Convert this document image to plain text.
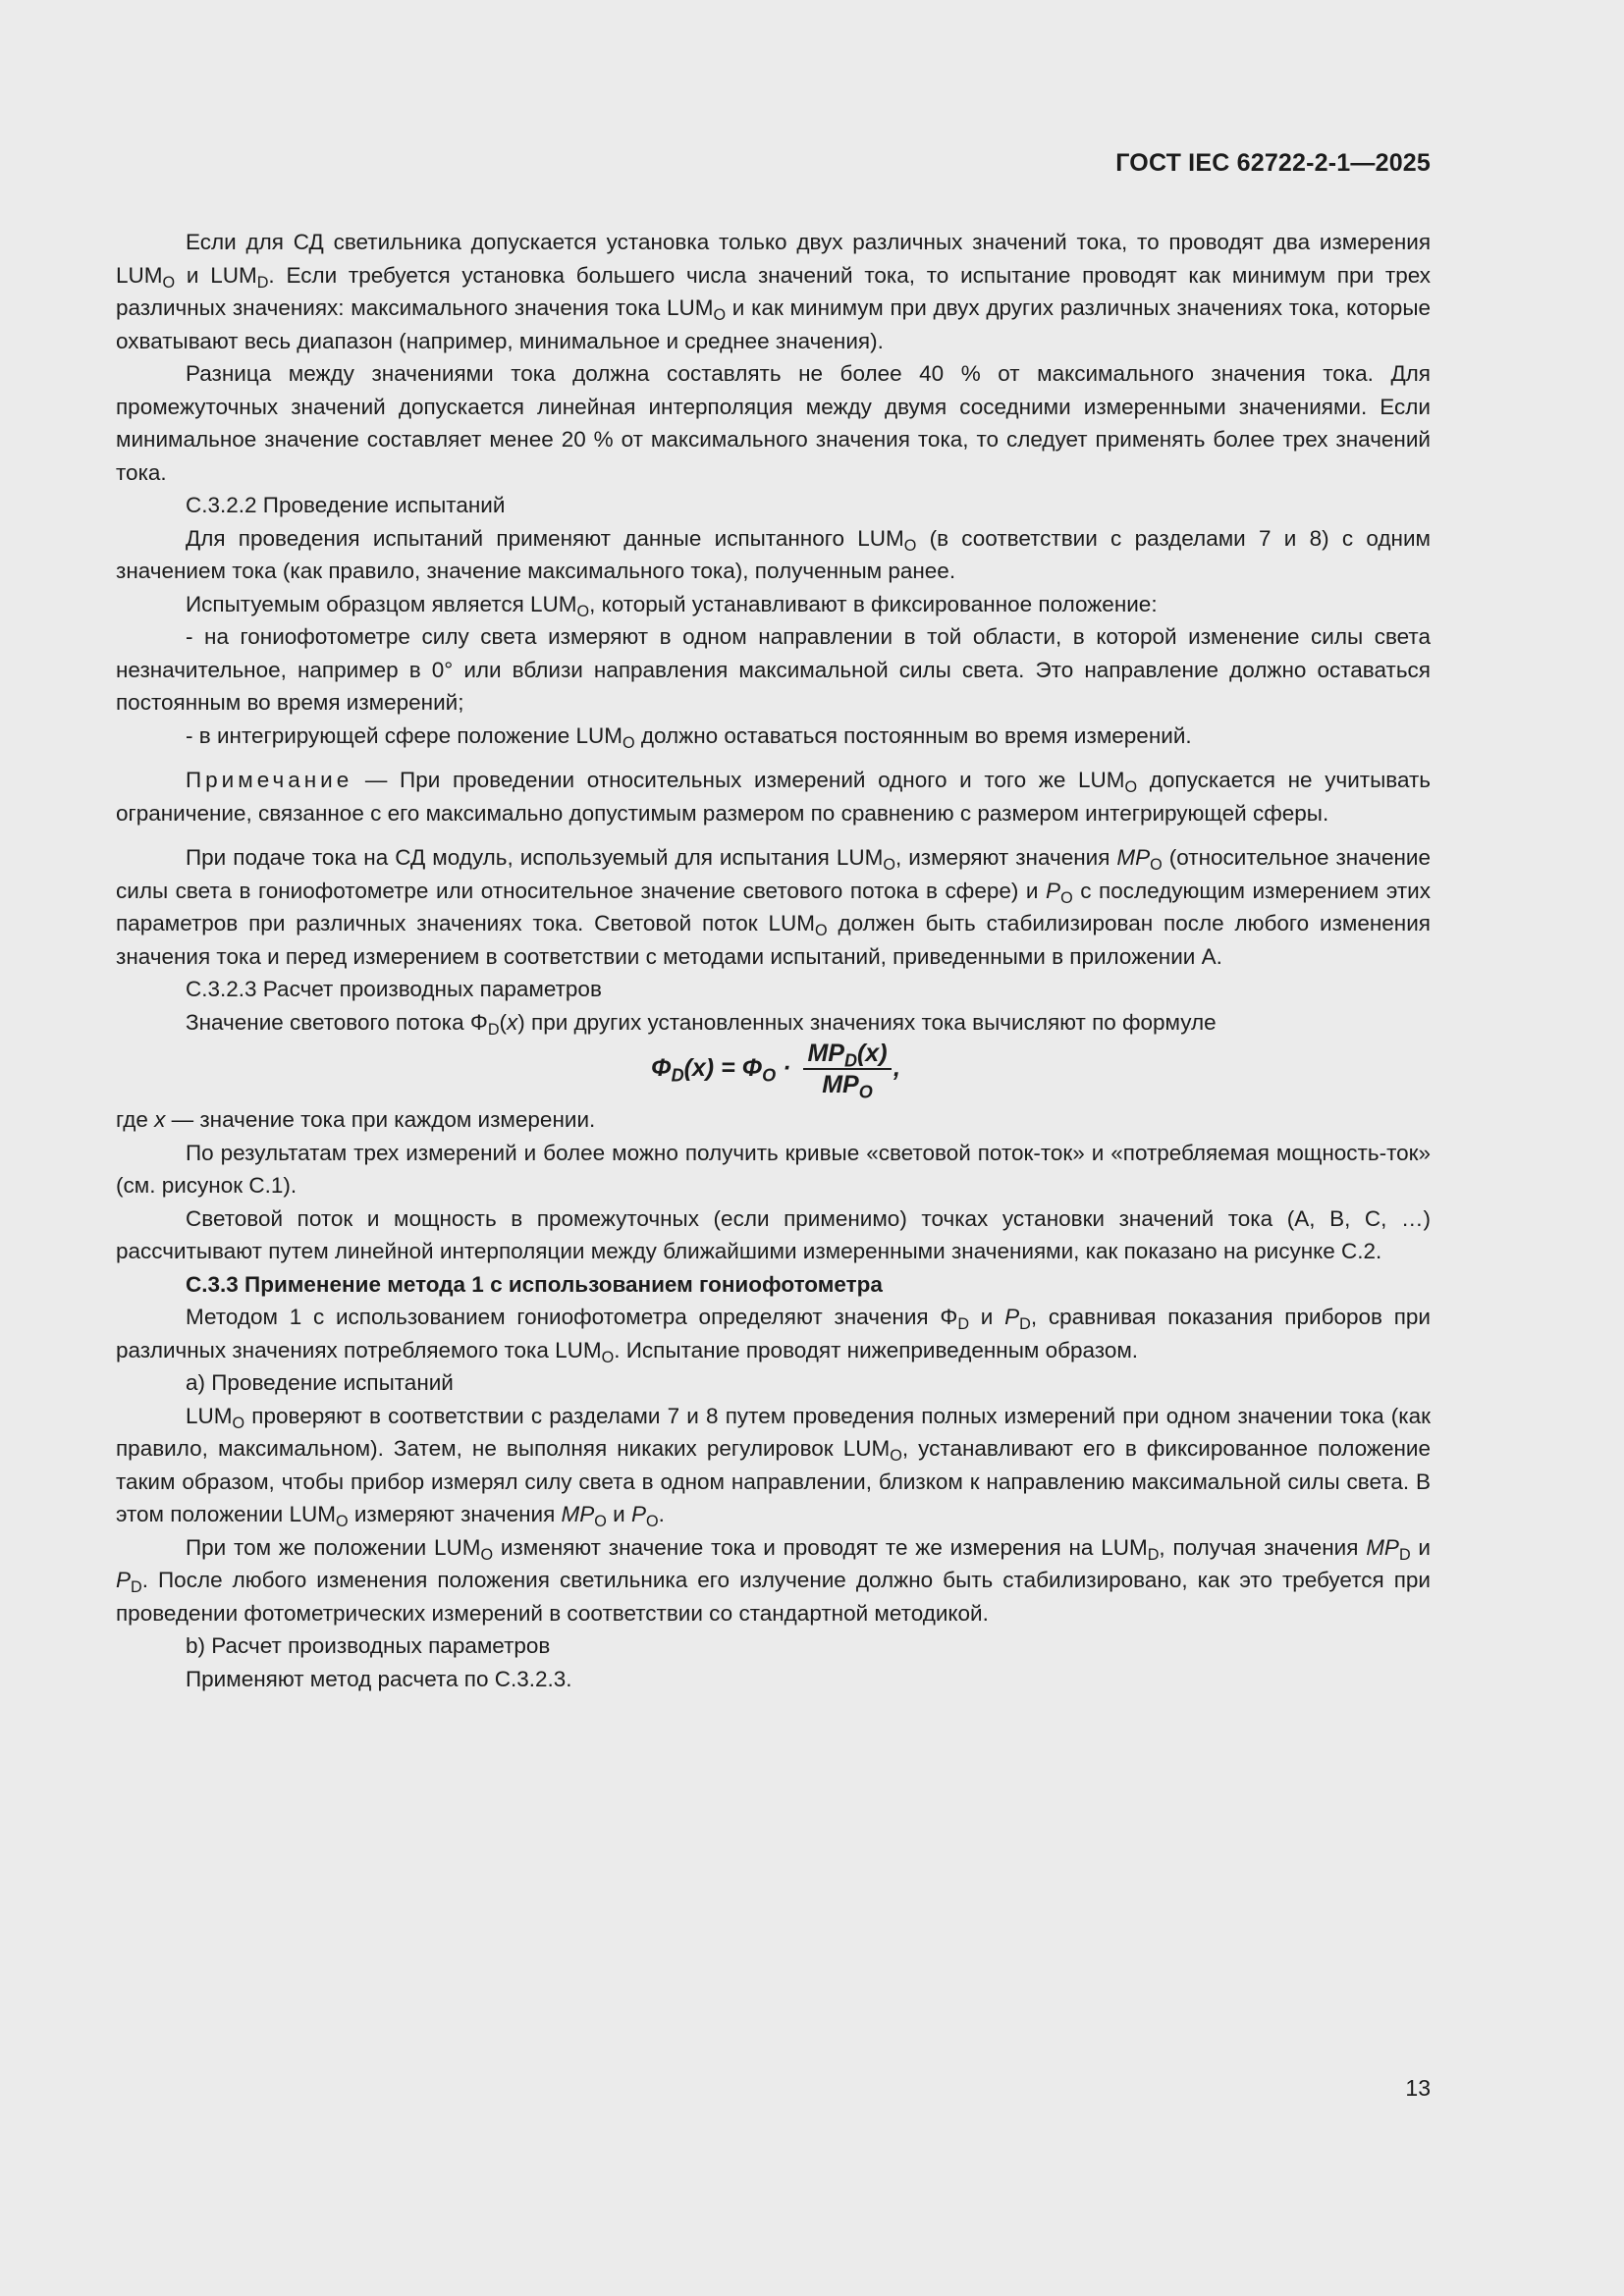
ГОСТ IEC 62722-2-1—2025

Если для СД светильника допускается установка только двух различных значений тока, то проводят два измерения $LUM_O$ и $LUM_D$. Если требуется установка большего числа значений тока, то испытание проводят как минимум при трех различных значениях: максимального значения тока $LUM_O$ и как минимум при двух других различных значениях тока, которые охватывают весь диапазон (например, минимальное и среднее значения).

Разница между значениями тока должна составлять не более 40 % от максимального значения тока. Для промежуточных значений допускается линейная интерполяция между двумя соседними измеренными значениями. Если минимальное значение составляет менее 20 % от максимального значения тока, то следует применять более трех значений тока.

С.3.2.2 Проведение испытаний

Для проведения испытаний применяют данные испытанного $LUM_O$ (в соответствии с разделами 7 и 8) с одним значением тока (как правило, значение максимального тока), полученным ранее.

Испытуемым образцом является $LUM_O$, который устанавливают в фиксированное положение:

- на гониофотометре силу света измеряют в одном направлении в той области, в которой изменение силы света незначительное, например в 0° или вблизи направления максимальной силы света. Это направление должно оставаться постоянным во время измерений;

- в интегрирующей сфере положение $LUM_O$ должно оставаться постоянным во время измерений.

Примечание — При проведении относительных измерений одного и того же $LUM_O$ допускается не учитывать ограничение, связанное с его максимально допустимым размером по сравнению с размером интегрирующей сферы.

При подаче тока на СД модуль, используемый для испытания $LUM_O$, измеряют значения $MP_O$ (относительное значение силы света в гониофотометре или относительное значение светового потока в сфере) и $P_O$ с последующим измерением этих параметров при различных значениях тока. Световой поток $LUM_O$ должен быть стабилизирован после любого изменения значения тока и перед измерением в соответствии с методами испытаний, приведенными в приложении А.

С.3.2.3 Расчет производных параметров

Значение светового потока $\Phi_D(x)$ при других установленных значениях тока вычисляют по формуле

$\Phi_D(x) = \Phi_O$ ·
$MP_D(x)$
$MP_O$
,

где x — значение тока при каждом измерении.

По результатам трех измерений и более можно получить кривые «световой поток-ток» и «потребляемая мощность-ток» (см. рисунок С.1).

Световой поток и мощность в промежуточных (если применимо) точках установки значений тока (A, B, C, …) рассчитывают путем линейной интерполяции между ближайшими измеренными значениями, как показано на рисунке С.2.

С.3.3 Применение метода 1 с использованием гониофотометра

Методом 1 с использованием гониофотометра определяют значения $\Phi_D$ и $P_D$, сравнивая показания приборов при различных значениях потребляемого тока $LUM_O$. Испытание проводят нижеприведенным образом.

a) Проведение испытаний

$LUM_O$ проверяют в соответствии с разделами 7 и 8 путем проведения полных измерений при одном значении тока (как правило, максимальном). Затем, не выполняя никаких регулировок $LUM_O$, устанавливают его в фиксированное положение таким образом, чтобы прибор измерял силу света в одном направлении, близком к направлению максимальной силы света. В этом положении $LUM_O$ измеряют значения $MP_O$ и $P_O$.

При том же положении $LUM_O$ изменяют значение тока и проводят те же измерения на $LUM_D$, получая значения $MP_D$ и $P_D$. После любого изменения положения светильника его излучение должно быть стабилизировано, как это требуется при проведении фотометрических измерений в соответствии со стандартной методикой.

b) Расчет производных параметров

Применяют метод расчета по С.3.2.3.

13
